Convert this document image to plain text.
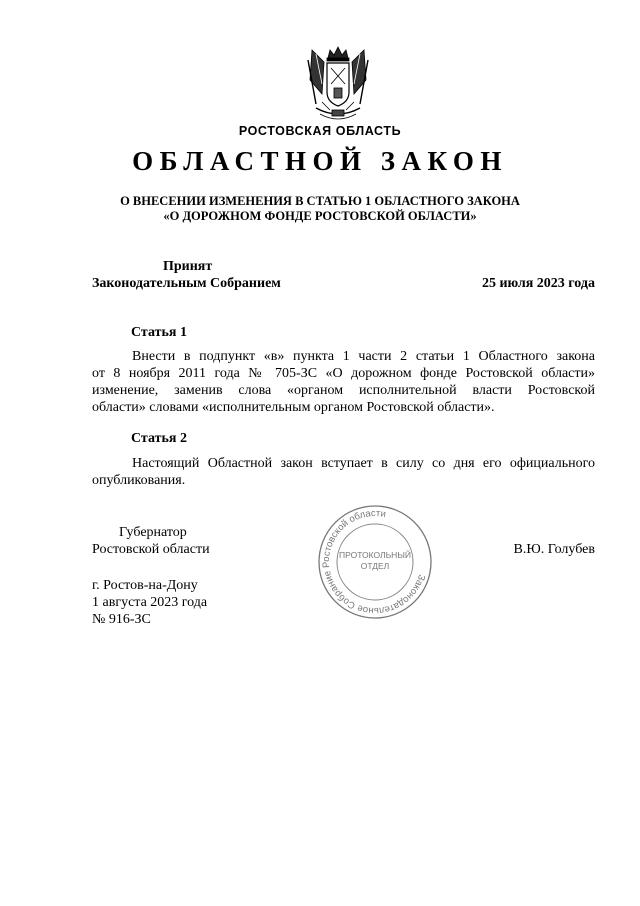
РОСТОВСКАЯ ОБЛАСТЬ
ОБЛАСТНОЙ ЗАКОН
О ВНЕСЕНИИ ИЗМЕНЕНИЯ В СТАТЬЮ 1 ОБЛАСТНОГО ЗАКОНА
«О ДОРОЖНОМ ФОНДЕ РОСТОВСКОЙ ОБЛАСТИ»
Принят
Законодательным Собранием	25 июля 2023 года
Статья 1
Внести в подпункт «в» пункта 1 части 2 статьи 1 Областного закона
от 8 ноября 2011 года № 705-ЗС «О дорожном фонде Ростовской области»
изменение, заменив слова «органом исполнительной власти Ростовской
области» словами «исполнительным органом Ростовской области».
Статья 2
Настоящий Областной закон вступает в силу со дня его официального
опубликования.
Губернатор
Ростовской области	В.Ю. Голубев
Законодательное Собрание Ростовской области
ПРОТОКОЛЬНЫЙ
ОТДЕЛ
г. Ростов-на-Дону
1 августа 2023 года
№ 916-ЗС
